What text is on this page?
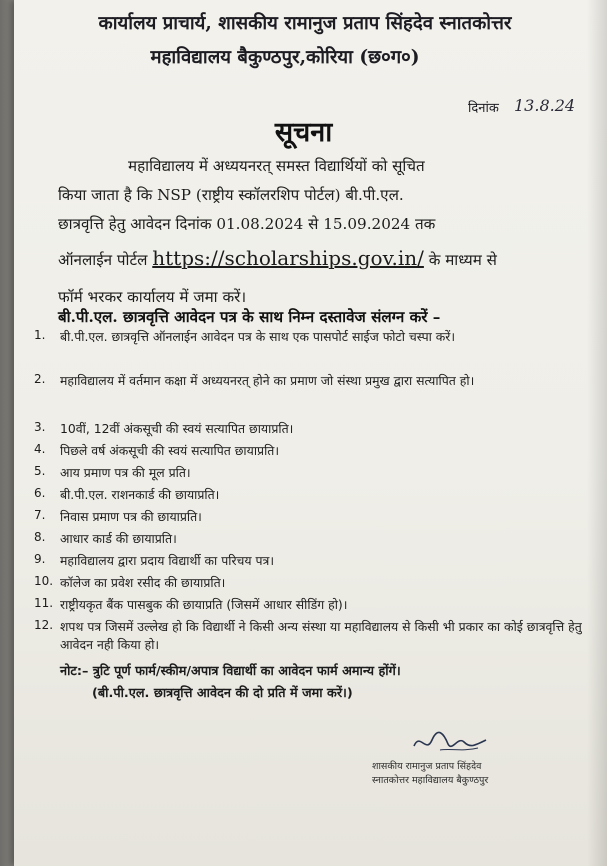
कार्यालय प्राचार्य, शासकीय रामानुज प्रताप सिंहदेव स्नातकोत्तर
महाविद्यालय बैकुण्ठपुर,कोरिया (छ०ग०)
दिनांक 13.8.24
सूचना
महाविद्यालय में अध्ययनरत् समस्त विद्यार्थियों को सूचित
किया जाता है कि NSP (राष्ट्रीय स्कॉलरशिप पोर्टल) बी.पी.एल.
छात्रवृत्ति हेतु आवेदन दिनांक 01.08.2024 से 15.09.2024 तक
ऑनलाईन पोर्टल https://scholarships.gov.in/ के माध्यम से
फॉर्म भरकर कार्यालय में जमा करें।
बी.पी.एल. छात्रवृत्ति आवेदन पत्र के साथ निम्न दस्तावेज संलग्न करें –
1.	बी.पी.एल. छात्रवृत्ति ऑनलाईन आवेदन पत्र के साथ एक पासपोर्ट साईज फोटो चस्पा करें।
2.	महाविद्यालय में वर्तमान कक्षा में अध्ययनरत् होने का प्रमाण जो संस्था प्रमुख द्वारा सत्यापित हो।
3.	10वीं, 12वीं अंकसूची की स्वयं सत्यापित छायाप्रति।
4.	पिछले वर्ष अंकसूची की स्वयं सत्यापित छायाप्रति।
5.	आय प्रमाण पत्र की मूल प्रति।
6.	बी.पी.एल. राशनकार्ड की छायाप्रति।
7.	निवास प्रमाण पत्र की छायाप्रति।
8.	आधार कार्ड की छायाप्रति।
9.	महाविद्यालय द्वारा प्रदाय विद्यार्थी का परिचय पत्र।
10. कॉलेज का प्रवेश रसीद की छायाप्रति।
11. राष्ट्रीयकृत बैंक पासबुक की छायाप्रति (जिसमें आधार सीडिंग हो)।
12. शपथ पत्र जिसमें उल्लेख हो कि विद्यार्थी ने किसी अन्य संस्था या महाविद्यालय से किसी भी प्रकार का कोई छात्रवृत्ति हेतु आवेदन नही किया हो।
नोट:– त्रुटि पूर्ण फार्म/स्कीम/अपात्र विद्यार्थी का आवेदन फार्म अमान्य होंगें।
(बी.पी.एल. छात्रवृत्ति आवेदन की दो प्रति में जमा करें।)
शासकीय रामानुज प्रताप सिंहदेव
स्नातकोत्तर महाविद्यालय बैकुण्ठपुर
